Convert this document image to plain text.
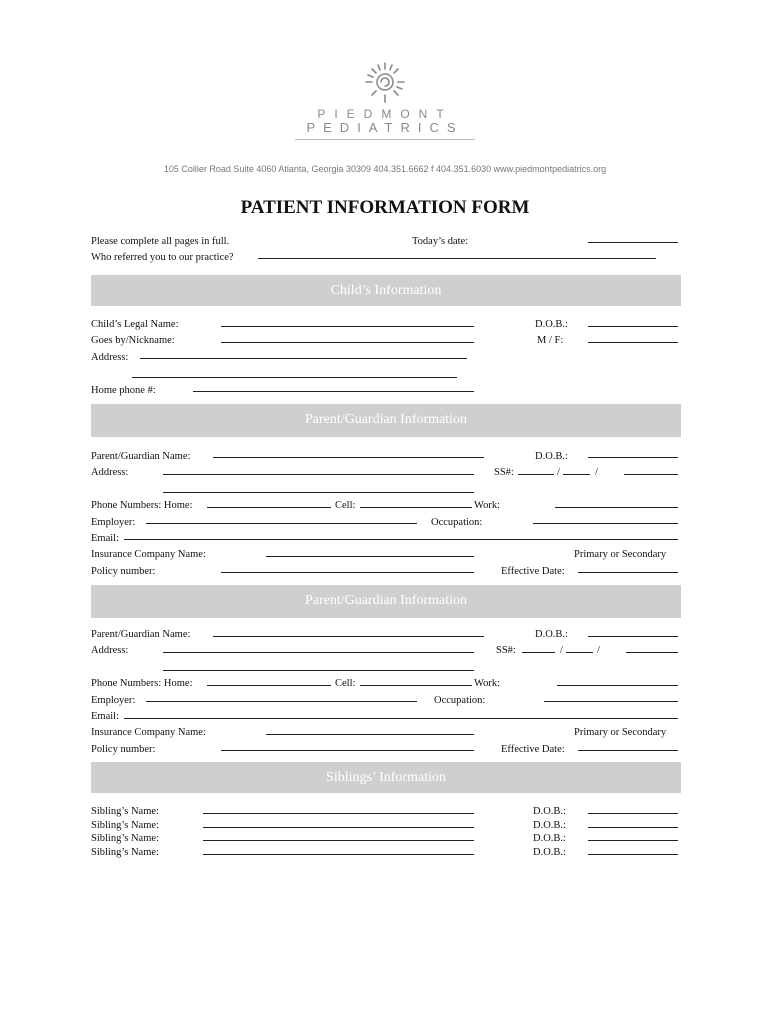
PIEDMONT
PEDIATRICS
105 Collier Road Suite 4060 Atlanta, Georgia 30309 404.351.6662 f 404.351.6030 www.piedmontpediatrics.org
PATIENT INFORMATION FORM
Please complete all pages in full.	Today’s date:
Who referred you to our practice?
Child’s Information
Child’s Legal Name:	D.O.B.:
Goes by/Nickname:	M / F:
Address:
Home phone #:
Parent/Guardian Information
Parent/Guardian Name:	D.O.B.:
Address:	SS#:	/	/
Phone Numbers: Home:	Cell:	Work:
Employer:	Occupation:
Email:
Insurance Company Name:	Primary or Secondary
Policy number:	Effective Date:
Parent/Guardian Information
Parent/Guardian Name:	D.O.B.:
Address:	SS#:	/	/
Phone Numbers: Home:	Cell:	Work:
Employer:	Occupation:
Email:
Insurance Company Name:	Primary or Secondary
Policy number:	Effective Date:
Siblings’ Information
Sibling’s Name:	D.O.B.:
Sibling’s Name:	D.O.B.:
Sibling’s Name:	D.O.B.:
Sibling’s Name:	D.O.B.:
